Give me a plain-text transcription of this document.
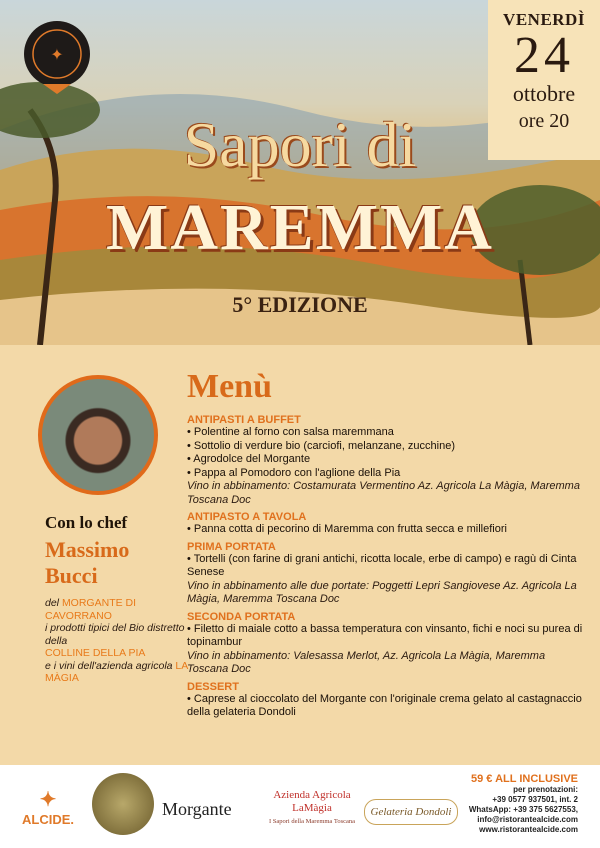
✦
VENERDÌ
24
ottobre
ore 20
Sapori di
MAREMMA
5° EDIZIONE
Con lo chef
Massimo
Bucci
del MORGANTE DI CAVORRANO
i prodotti tipici del Bio distretto della
COLLINE DELLA PIA
e i vini dell'azienda agricola LA MÀGIA
Menù
ANTIPASTI A BUFFET
• Polentine al forno con salsa maremmana
• Sottolio di verdure bio (carciofi, melanzane, zucchine)
• Agrodolce del Morgante
• Pappa al Pomodoro con l'aglione della Pia
Vino in abbinamento: Costamurata Vermentino Az. Agricola La Màgia, Maremma Toscana Doc
ANTIPASTO A TAVOLA
• Panna cotta di pecorino di Maremma con frutta secca e millefiori
PRIMA PORTATA
• Tortelli (con farine di grani antichi, ricotta locale, erbe di campo) e ragù di Cinta Senese
Vino in abbinamento alle due portate: Poggetti Lepri Sangiovese Az. Agricola La Màgia, Maremma Toscana Doc
SECONDA PORTATA
• Filetto di maiale cotto a bassa temperatura con vinsanto, fichi e noci su purea di topinambur
Vino in abbinamento: Valesassa Merlot, Az. Agricola La Màgia, Maremma Toscana Doc
DESSERT
• Caprese al cioccolato del Morgante con l'originale crema gelato al castagnaccio della gelateria Dondoli
✦
ALCIDE.
Morgante
Azienda Agricola LaMàgia
I Sapori della Maremma Toscana
Gelateria Dondoli
59 € ALL INCLUSIVE
per prenotazioni:
+39 0577 937501, int. 2
WhatsApp: +39 375 5627553,
info@ristorantealcide.com
www.ristorantealcide.com
